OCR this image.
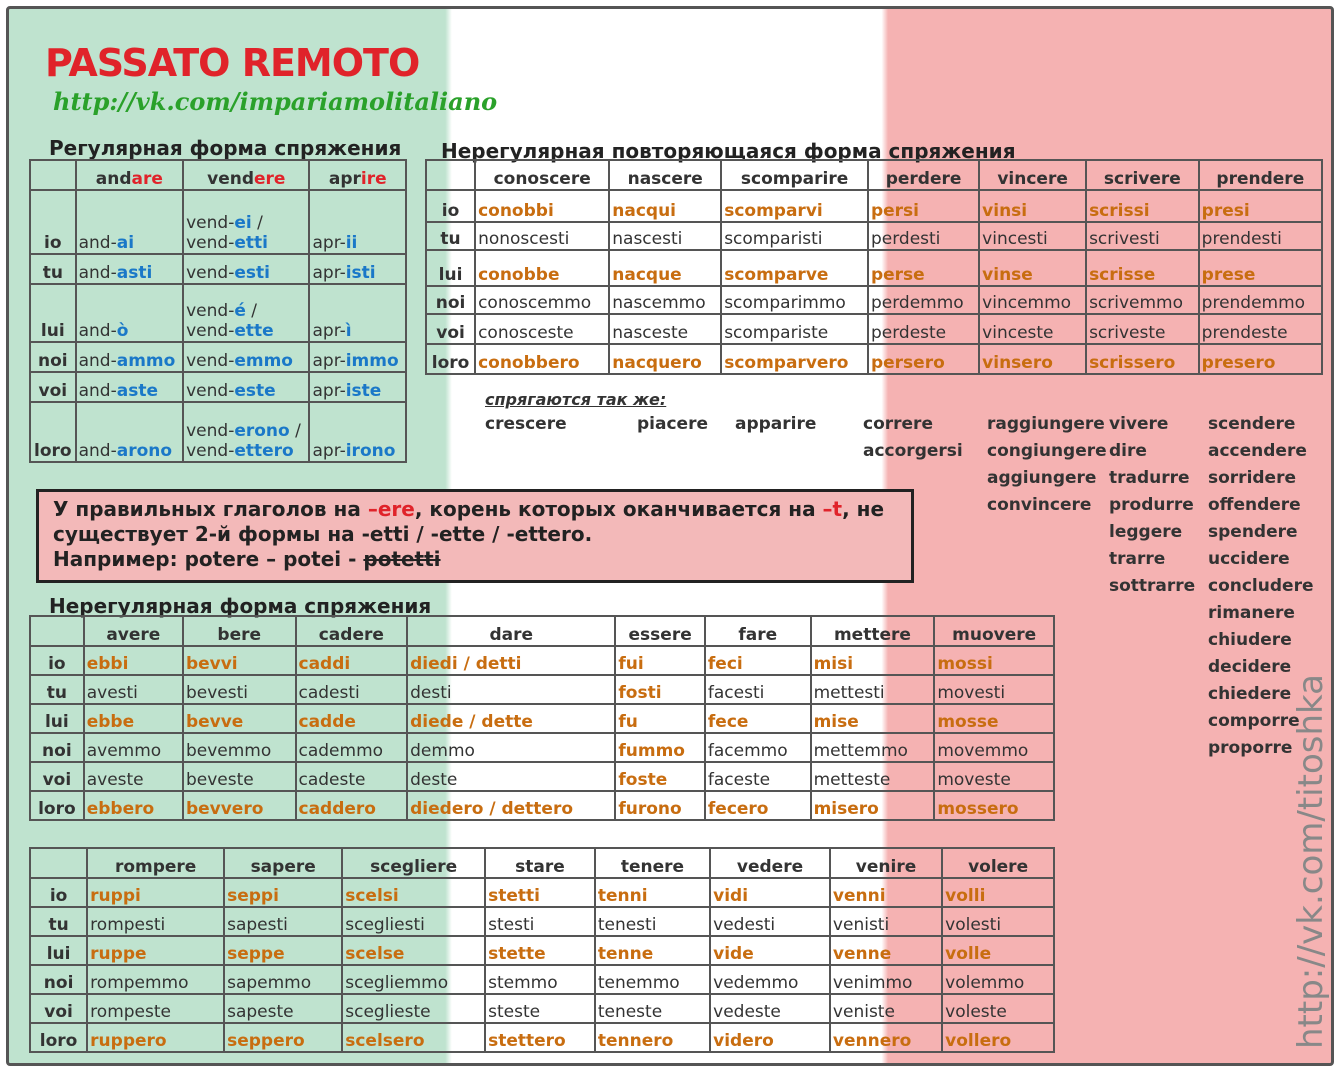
PASSATO REMOTO
http://vk.com/impariamolitaliano
Регулярная форма спряжения
	andare	vendere	aprire
io	and-ai	vend-ei /
vend-etti	apr-ii
tu	and-asti	vend-esti	apr-isti
lui	and-ò	vend-é /
vend-ette	apr-ì
noi	and-ammo	vend-emmo	apr-immo
voi	and-aste	vend-este	apr-iste
loro	and-arono	vend-erono /
vend-ettero	apr-irono
Нерегулярная повторяющаяся форма спряжения
	conoscere	nascere	scomparire	perdere	vincere	scrivere	prendere
io	conobbi	nacqui	scomparvi	persi	vinsi	scrissi	presi
tu	nonoscesti	nascesti	scomparisti	perdesti	vincesti	scrivesti	prendesti
lui	conobbe	nacque	scomparve	perse	vinse	scrisse	prese
noi	conoscemmo	nascemmo	scomparimmo	perdemmo	vincemmo	scrivemmo	prendemmo
voi	conosceste	nasceste	scompariste	perdeste	vinceste	scriveste	prendeste
loro	conobbero	nacquero	scomparvero	persero	vinsero	scrissero	presero
спрягаются так же:
crescere	piacere apparire	correre
accorgersi
raggiungere
congiungere
aggiungere
convincere
vivere
dire
tradurre
produrre
leggere
trarre
sottrarre
scendere
accendere
sorridere
offendere
spendere
uccidere
concludere
rimanere
chiudere
decidere
chiedere
comporre
proporre
У правильных глаголов на –ere, корень которых оканчивается на –t, не
существует 2-й формы на -etti / -ette / -ettero.
Например: potere – potei - potetti
Нерегулярная форма спряжения
	avere	bere	cadere	dare	essere	fare	mettere	muovere
io	ebbi	bevvi	caddi	diedi / detti	fui	feci	misi	mossi
tu	avesti	bevesti	cadesti	desti	fosti	facesti	mettesti	movesti
lui	ebbe	bevve	cadde	diede / dette	fu	fece	mise	mosse
noi	avemmo	bevemmo	cademmo	demmo	fummo	facemmo	mettemmo	movemmo
voi	aveste	beveste	cadeste	deste	foste	faceste	metteste	moveste
loro	ebbero	bevvero	caddero	diedero / dettero	furono	fecero	misero	mossero
	rompere	sapere	scegliere	stare	tenere	vedere	venire	volere
io	ruppi	seppi	scelsi	stetti	tenni	vidi	venni	volli
tu	rompesti	sapesti	scegliesti	stesti	tenesti	vedesti	venisti	volesti
lui	ruppe	seppe	scelse	stette	tenne	vide	venne	volle
noi	rompemmo	sapemmo	scegliemmo	stemmo	tenemmo	vedemmo	venimmo	volemmo
voi	rompeste	sapeste	sceglieste	steste	teneste	vedeste	veniste	voleste
loro	ruppero	seppero	scelsero	stettero	tennero	videro	vennero	vollero	http://vk.com/titoshka
